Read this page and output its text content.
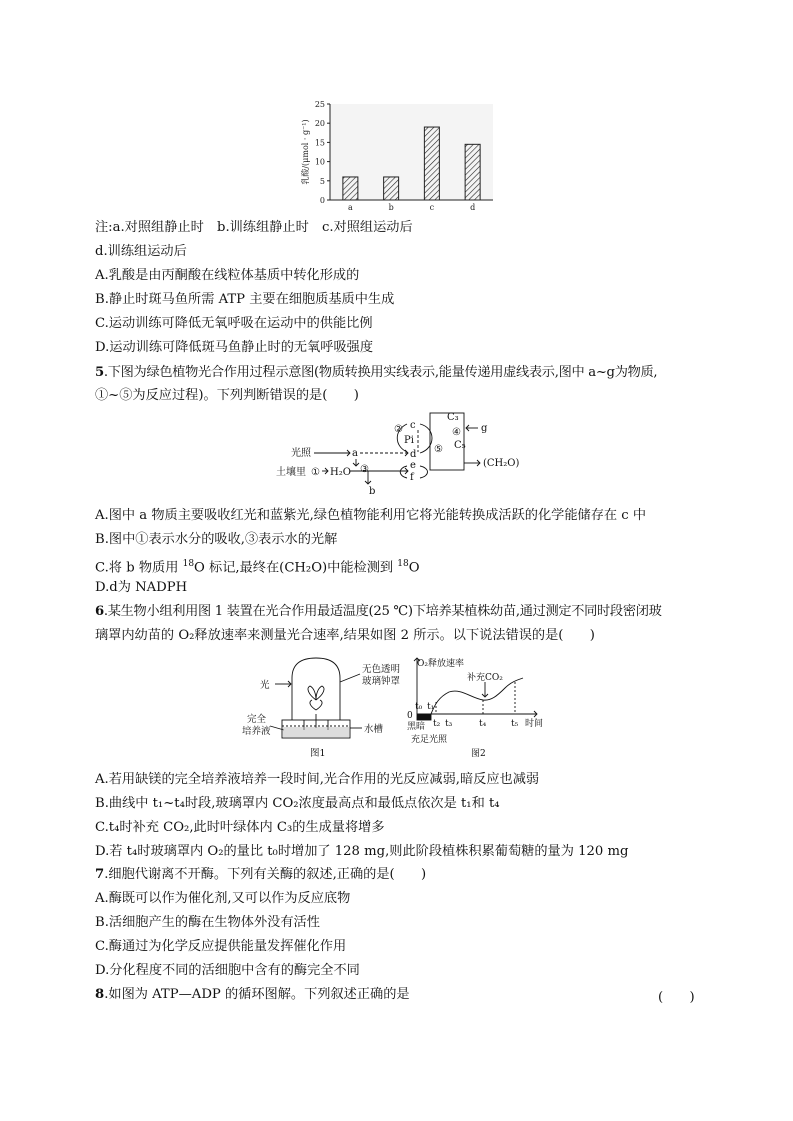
0
5
10
15
20
25
a	b	c	d
乳酸/(μmol · g⁻¹)
注:a.对照组静止时　b.训练组静止时　c.对照组运动后
d.训练组运动后
A.乳酸是由丙酮酸在线粒体基质中转化形成的
B.静止时斑马鱼所需 ATP 主要在细胞质基质中生成
C.运动训练可降低无氧呼吸在运动中的供能比例
D.运动训练可降低斑马鱼静止时的无氧呼吸强度
5.下图为绿色植物光合作用过程示意图(物质转换用实线表示,能量传递用虚线表示,图中 a~g为物质,
①~⑤为反应过程)。下列判断错误的是(　　)
光照
土壤里 ① H₂O
a
b
③
② c
Pi
d
e
f
⑤
C₃
④
C₅
g
(CH₂O)
A.图中 a 物质主要吸收红光和蓝紫光,绿色植物能利用它将光能转换成活跃的化学能储存在 c 中
B.图中①表示水分的吸收,③表示水的光解
C.将 b 物质用 $^{18}$O 标记,最终在(CH₂O)中能检测到 $^{18}$O
D.d为 NADPH
6.某生物小组利用图 1 装置在光合作用最适温度(25 ℃)下培养某植株幼苗,通过测定不同时段密闭玻
璃罩内幼苗的 O₂释放速率来测量光合速率,结果如图 2 所示。以下说法错误的是(　　)
光
无色透明
玻璃钟罩
完全
培养液	水槽
图1
O₂释放速率
补充CO₂
0
t₀ t₁
t₂ t₃	t₄	t₅ 时间
黑暗
充足光照
图2
A.若用缺镁的完全培养液培养一段时间,光合作用的光反应减弱,暗反应也减弱
B.曲线中 t₁~t₄时段,玻璃罩内 CO₂浓度最高点和最低点依次是 t₁和 t₄
C.t₄时补充 CO₂,此时叶绿体内 C₃的生成量将增多
D.若 t₄时玻璃罩内 O₂的量比 t₀时增加了 128 mg,则此阶段植株积累葡萄糖的量为 120 mg
7.细胞代谢离不开酶。下列有关酶的叙述,正确的是(　　)
A.酶既可以作为催化剂,又可以作为反应底物
B.活细胞产生的酶在生物体外没有活性
C.酶通过为化学反应提供能量发挥催化作用
D.分化程度不同的活细胞中含有的酶完全不同
8.如图为 ATP—ADP 的循环图解。下列叙述正确的是	(　　)
